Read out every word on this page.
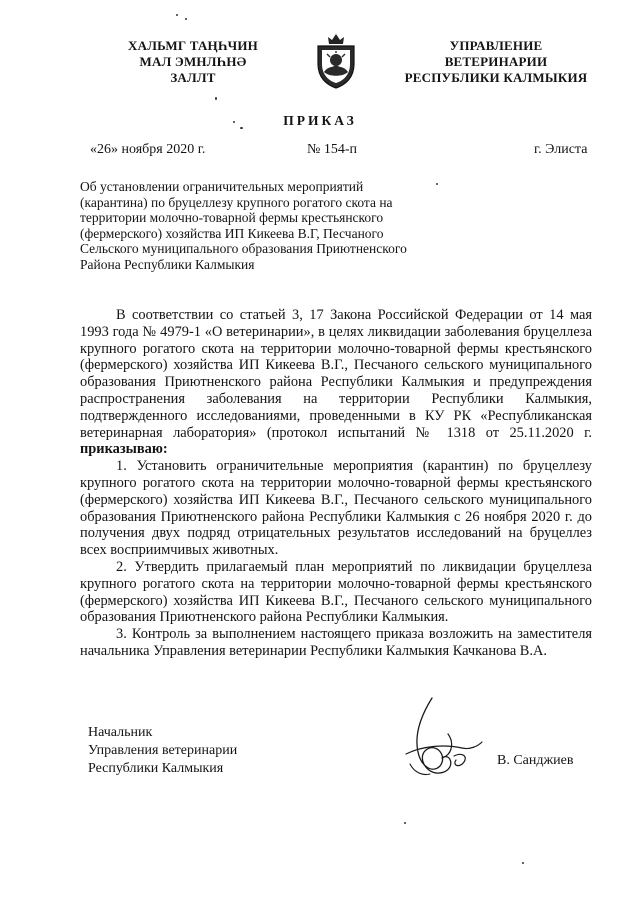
ХАЛЬМГ ТАҢҺЧИН
МАЛ ЭМНЛҺНӘ
ЗАЛЛТ
УПРАВЛЕНИЕ
ВЕТЕРИНАРИИ
РЕСПУБЛИКИ КАЛМЫКИЯ
ПРИКАЗ
«26» ноября 2020 г.	№ 154-п	г. Элиста
Об установлении ограничительных мероприятий
(карантина) по бруцеллезу крупного рогатого скота на
территории молочно-товарной фермы крестьянского
(фермерского) хозяйства ИП Кикеева В.Г, Песчаного
Сельского муниципального образования Приютненского
Района Республики Калмыкия

В соответствии со статьей 3, 17 Закона Российской Федерации от 14 мая 1993 года № 4979-1 «О ветеринарии», в целях ликвидации заболевания бруцеллеза крупного рогатого скота на территории молочно-товарной фермы крестьянского (фермерского) хозяйства ИП Кикеева В.Г., Песчаного сельского муниципального образования Приютненского района Республики Калмыкия и предупреждения распространения заболевания на территории Республики Калмыкия, подтвержденного исследованиями, проведенными в КУ РК «Республиканская ветеринарная лаборатория» (протокол испытаний № 1318 от 25.11.2020 г. приказываю:

1. Установить ограничительные мероприятия (карантин) по бруцеллезу крупного рогатого скота на территории молочно-товарной фермы крестьянского (фермерского) хозяйства ИП Кикеева В.Г., Песчаного сельского муниципального образования Приютненского района Республики Калмыкия с 26 ноября 2020 г. до получения двух подряд отрицательных результатов исследований на бруцеллез всех восприимчивых животных.

2. Утвердить прилагаемый план мероприятий по ликвидации бруцеллеза крупного рогатого скота на территории молочно-товарной фермы крестьянского (фермерского) хозяйства ИП Кикеева В.Г., Песчаного сельского муниципального образования Приютненского района Республики Калмыкия.

3. Контроль за выполнением настоящего приказа возложить на заместителя начальника Управления ветеринарии Республики Калмыкия Качканова В.А.

Начальник
Управления ветеринарии
Республики Калмыкия
В. Санджиев
